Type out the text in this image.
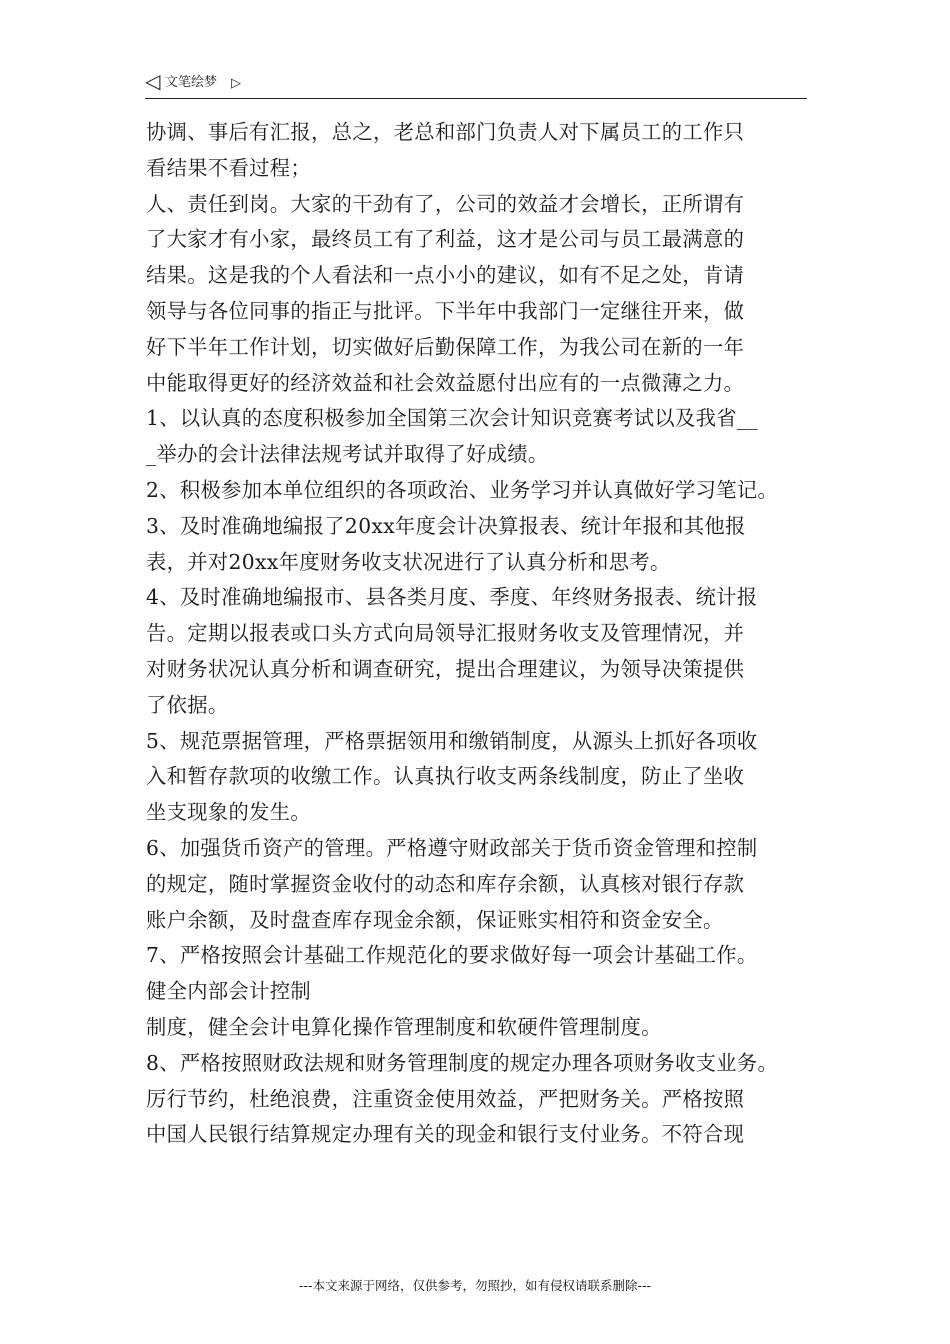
◁ 文笔绘梦 ▷
协调、事后有汇报，总之，老总和部门负责人对下属员工的工作只
看结果不看过程；
人、责任到岗。大家的干劲有了，公司的效益才会增长，正所谓有
了大家才有小家，最终员工有了利益，这才是公司与员工最满意的
结果。这是我的个人看法和一点小小的建议，如有不足之处，肯请
领导与各位同事的指正与批评。下半年中我部门一定继往开来，做
好下半年工作计划，切实做好后勤保障工作，为我公司在新的一年
中能取得更好的经济效益和社会效益愿付出应有的一点微薄之力。
1、以认真的态度积极参加全国第三次会计知识竞赛考试以及我省__
_举办的会计法律法规考试并取得了好成绩。
2、积极参加本单位组织的各项政治、业务学习并认真做好学习笔记。
3、及时准确地编报了20xx年度会计决算报表、统计年报和其他报
表，并对20xx年度财务收支状况进行了认真分析和思考。
4、及时准确地编报市、县各类月度、季度、年终财务报表、统计报
告。定期以报表或口头方式向局领导汇报财务收支及管理情况，并
对财务状况认真分析和调查研究，提出合理建议，为领导决策提供
了依据。
5、规范票据管理，严格票据领用和缴销制度，从源头上抓好各项收
入和暂存款项的收缴工作。认真执行收支两条线制度，防止了坐收
坐支现象的发生。
6、加强货币资产的管理。严格遵守财政部关于货币资金管理和控制
的规定，随时掌握资金收付的动态和库存余额，认真核对银行存款
账户余额，及时盘查库存现金余额，保证账实相符和资金安全。
7、严格按照会计基础工作规范化的要求做好每一项会计基础工作。
健全内部会计控制
制度，健全会计电算化操作管理制度和软硬件管理制度。
8、严格按照财政法规和财务管理制度的规定办理各项财务收支业务。
厉行节约，杜绝浪费，注重资金使用效益，严把财务关。严格按照
中国人民银行结算规定办理有关的现金和银行支付业务。不符合现
---本文来源于网络，仅供参考，勿照抄，如有侵权请联系删除---
